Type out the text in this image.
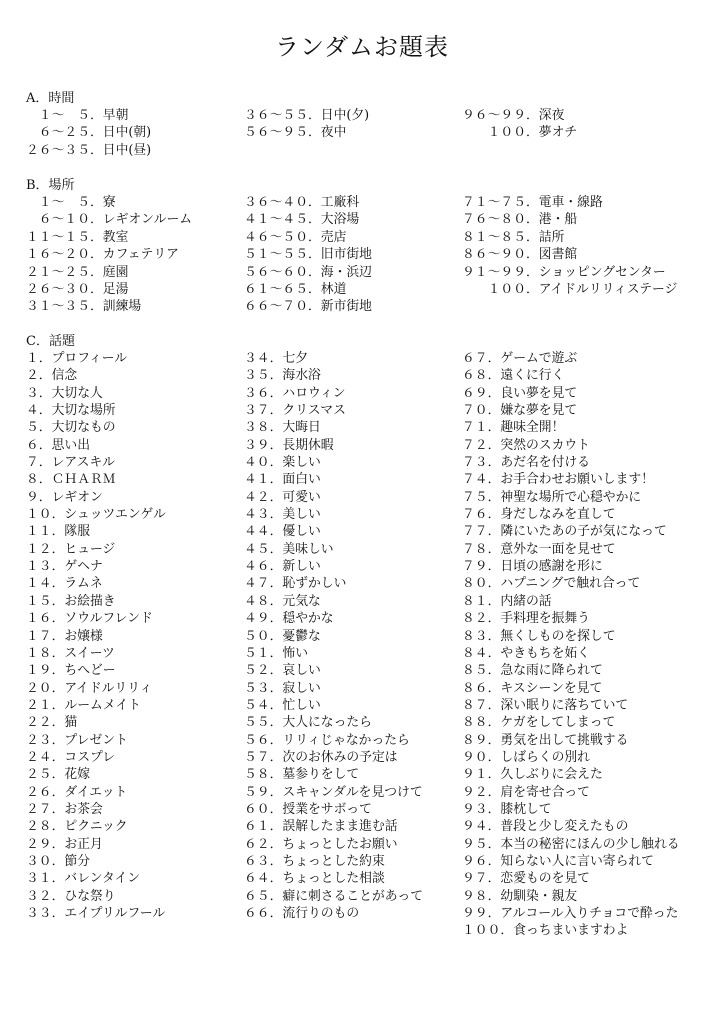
ランダムお題表
A．時間
　１〜　５．早朝
　６〜２５．日中(朝)
２６〜３５．日中(昼)
３６〜５５．日中(夕)
５６〜９５．夜中
９６〜９９．深夜
　　１００．夢オチ
B．場所
　１〜　５．寮
　６〜１０．レギオンルーム
１１〜１５．教室
１６〜２０．カフェテリア
２１〜２５．庭園
２６〜３０．足湯
３１〜３５．訓練場
３６〜４０．工廠科
４１〜４５．大浴場
４６〜５０．売店
５１〜５５．旧市街地
５６〜６０．海・浜辺
６１〜６５．林道
６６〜７０．新市街地
７１〜７５．電車・線路
７６〜８０．港・船
８１〜８５．詰所
８６〜９０．図書館
９１〜９９．ショッピングセンター
　　１００．アイドルリリィステージ
C．話題
１．プロフィール
２．信念
３．大切な人
４．大切な場所
５．大切なもの
６．思い出
７．レアスキル
８．ＣＨＡＲＭ
９．レギオン
１０．シュッツエンゲル
１１．隊服
１２．ヒュージ
１３．ゲヘナ
１４．ラムネ
１５．お絵描き
１６．ソウルフレンド
１７．お嬢様
１８．スイーツ
１９．ちへどー
２０．アイドルリリィ
２１．ルームメイト
２２．猫
２３．プレゼント
２４．コスプレ
２５．花嫁
２６．ダイエット
２７．お茶会
２８．ピクニック
２９．お正月
３０．節分
３１．バレンタイン
３２．ひな祭り
３３．エイプリルフール
３４．七夕
３５．海水浴
３６．ハロウィン
３７．クリスマス
３８．大晦日
３９．長期休暇
４０．楽しい
４１．面白い
４２．可愛い
４３．美しい
４４．優しい
４５．美味しい
４６．新しい
４７．恥ずかしい
４８．元気な
４９．穏やかな
５０．憂鬱な
５１．怖い
５２．哀しい
５３．寂しい
５４．忙しい
５５．大人になったら
５６．リリィじゃなかったら
５７．次のお休みの予定は
５８．墓参りをして
５９．スキャンダルを見つけて
６０．授業をサボって
６１．誤解したまま進む話
６２．ちょっとしたお願い
６３．ちょっとした約束
６４．ちょっとした相談
６５．癖に刺さることがあって
６６．流行りのもの
６７．ゲームで遊ぶ
６８．遠くに行く
６９．良い夢を見て
７０．嫌な夢を見て
７１．趣味全開！
７２．突然のスカウト
７３．あだ名を付ける
７４．お手合わせお願いします！
７５．神聖な場所で心穏やかに
７６．身だしなみを直して
７７．隣にいたあの子が気になって
７８．意外な一面を見せて
７９．日頃の感謝を形に
８０．ハプニングで触れ合って
８１．内緒の話
８２．手料理を振舞う
８３．無くしものを探して
８４．やきもちを妬く
８５．急な雨に降られて
８６．キスシーンを見て
８７．深い眠りに落ちていて
８８．ケガをしてしまって
８９．勇気を出して挑戦する
９０．しばらくの別れ
９１．久しぶりに会えた
９２．肩を寄せ合って
９３．膝枕して
９４．普段と少し変えたもの
９５．本当の秘密にほんの少し触れる
９６．知らない人に言い寄られて
９７．恋愛ものを見て
９８．幼馴染・親友
９９．アルコール入りチョコで酔った
１００．食っちまいますわよ
